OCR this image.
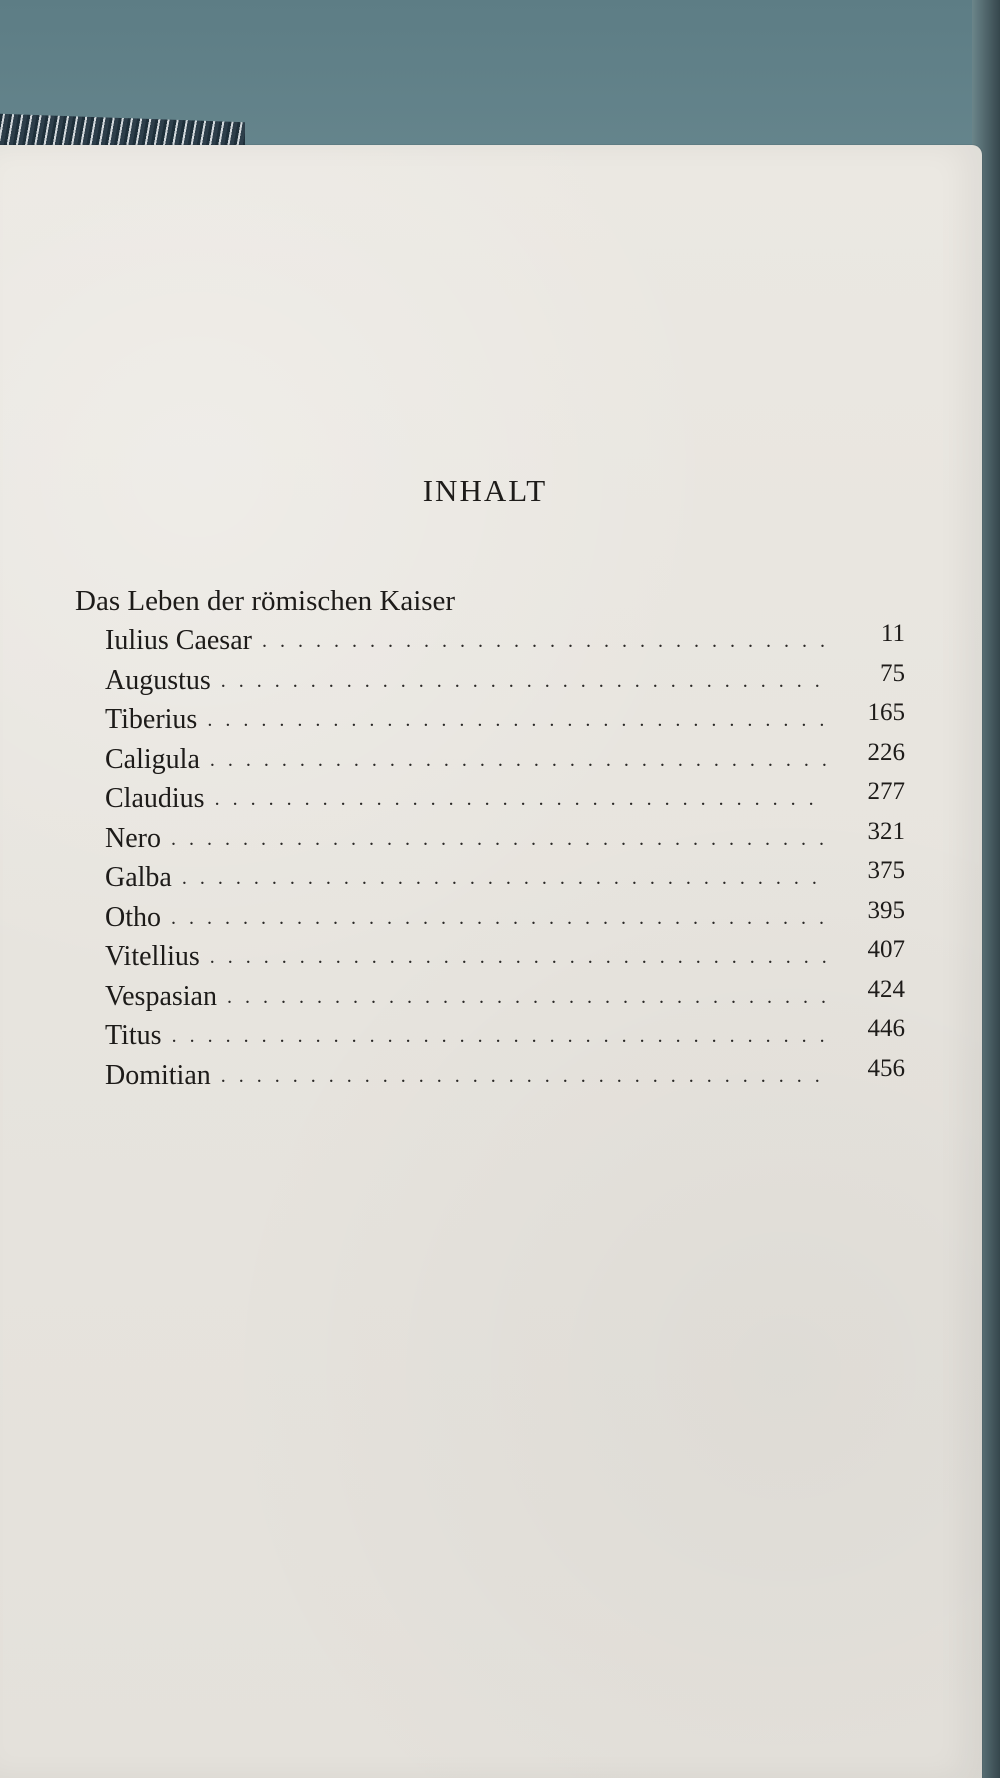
INHALT
Das Leben der römischen Kaiser
Iulius Caesar . . .	11
Augustus . . .	75
Tiberius . . .	165
Caligula . . .	226
Claudius . . .	277
Nero . . .	321
Galba . . .	375
Otho . . .	395
Vitellius . . .	407
Vespasian . . .	424
Titus . . .	446
Domitian . . .	456
